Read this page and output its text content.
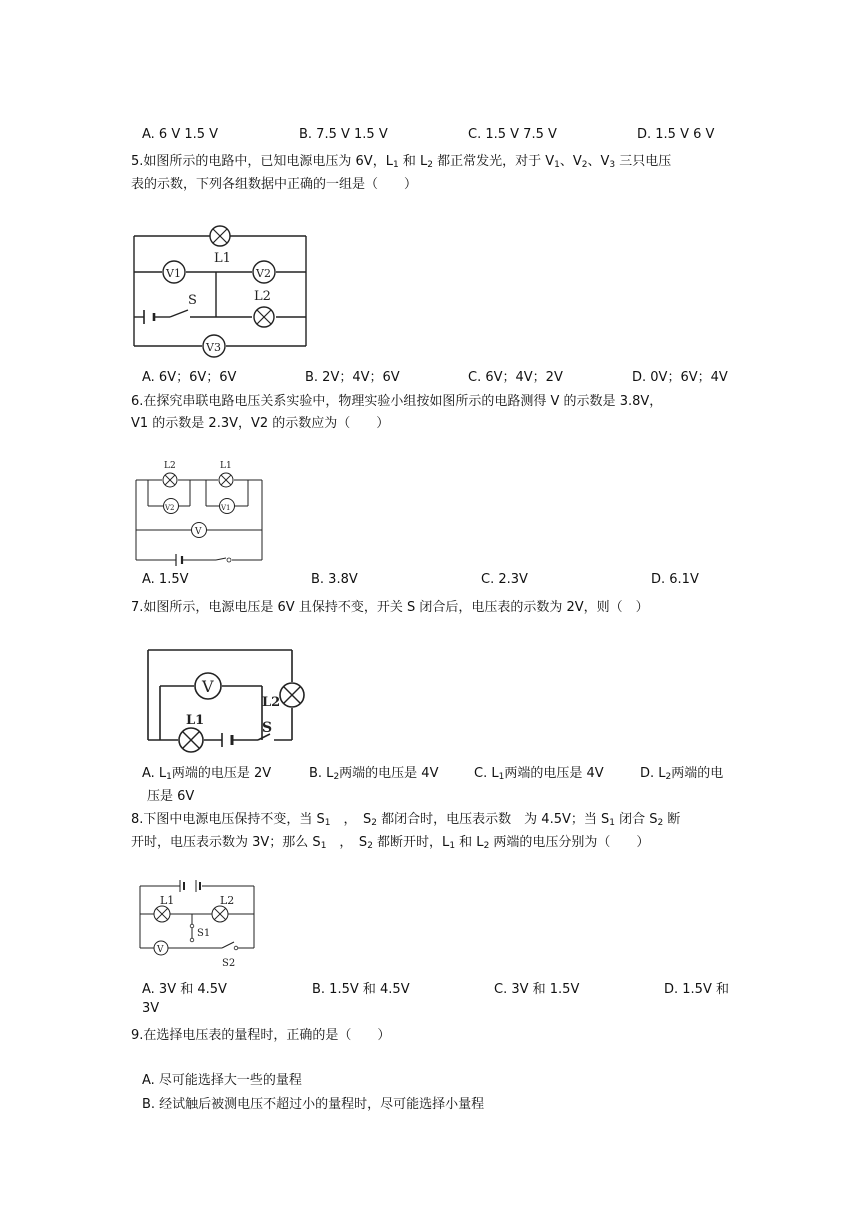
A. 6 V 1.5 V	B. 7.5 V 1.5 V	C. 1.5 V 7.5 V	D. 1.5 V 6 V
5.如图所示的电路中，已知电源电压为 6V，$L_1$ 和 $L_2$ 都正常发光，对于 $V_1$、$V_2$、$V_3$ 三只电压
表的示数，下列各组数据中正确的一组是（　　）
L1
V1	V2
L2
S
V3
A. 6V；6V；6V	B. 2V；4V；6V	C. 6V；4V；2V	D. 0V；6V；4V
6.在探究串联电路电压关系实验中，物理实验小组按如图所示的电路测得 V 的示数是 3.8V，
V1 的示数是 2.3V，V2 的示数应为（　　）
L2	L1
V2	V1
V
A. 1.5V	B. 3.8V	C. 2.3V	D. 6.1V
7.如图所示，电源电压是 6V 且保持不变，开关 S 闭合后，电压表的示数为 2V，则（　）
V
L2
L1	S
A. $L_1$两端的电压是 2V	B. $L_2$两端的电压是 4V	C. $L_1$两端的电压是 4V	D. $L_2$两端的电
压是 6V
8.下图中电源电压保持不变，当 $S_1$　，　$S_2$ 都闭合时，电压表示数　为 4.5V；当 $S_1$ 闭合 $S_2$ 断
开时，电压表示数为 3V；那么 $S_1$　，　$S_2$ 都断开时，$L_1$ 和 $L_2$ 两端的电压分别为（　　）
L1	L2
S1
V
S2
A. 3V 和 4.5V	B. 1.5V 和 4.5V	C. 3V 和 1.5V	D. 1.5V 和
3V
9.在选择电压表的量程时，正确的是（　　）
A. 尽可能选择大一些的量程
B. 经试触后被测电压不超过小的量程时，尽可能选择小量程
